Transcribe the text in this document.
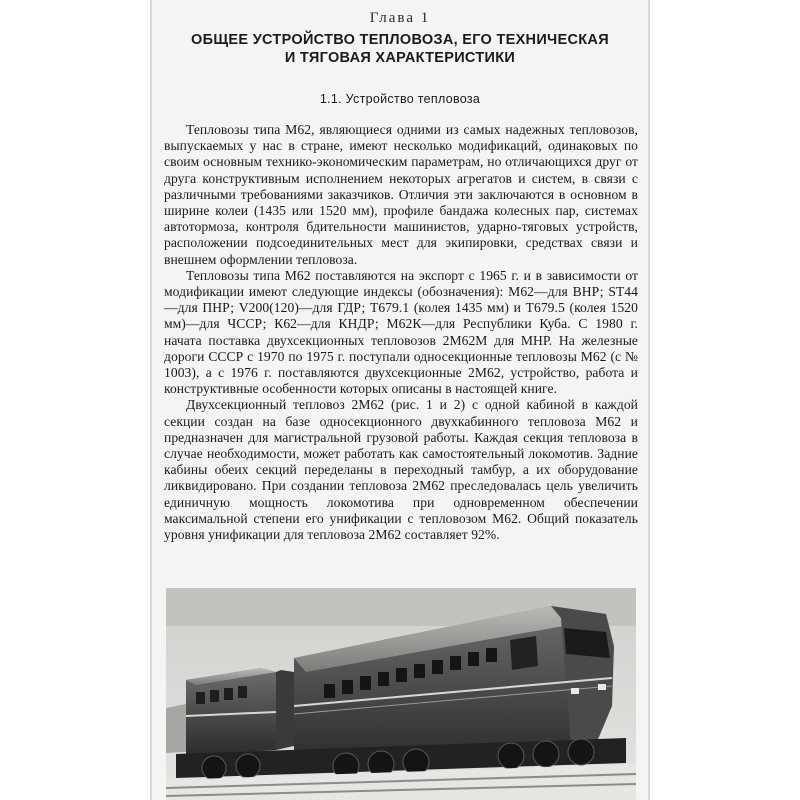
Глава 1
ОБЩЕЕ УСТРОЙСТВО ТЕПЛОВОЗА, ЕГО ТЕХНИЧЕСКАЯ
И ТЯГОВАЯ ХАРАКТЕРИСТИКИ
1.1. Устройство тепловоза

Тепловозы типа М62, являющиеся одними из самых надежных тепловозов, выпускаемых у нас в стране, имеют несколько модификаций, одинаковых по своим основным технико-экономическим параметрам, но отличающихся друг от друга конструктивным исполнением некоторых агрегатов и систем, в связи с различными требованиями заказчиков. Отличия эти заключаются в основном в ширине колеи (1435 или 1520 мм), профиле бандажа колесных пар, системах автотормоза, контроля бдительности машинистов, ударно-тяговых устройств, расположении подсоединительных мест для экипировки, средствах связи и внешнем оформлении тепловоза.

Тепловозы типа М62 поставляются на экспорт с 1965 г. и в зависимости от модификации имеют следующие индексы (обозначения): М62—для ВНР; ST44—для ПНР; V200(120)—для ГДР; Т679.1 (колея 1435 мм) и Т679.5 (колея 1520 мм)—для ЧССР; К62—для КНДР; М62К—для Республики Куба. С 1980 г. начата поставка двухсекционных тепловозов 2М62М для МНР. На железные дороги СССР с 1970 по 1975 г. поступали односекционные тепловозы М62 (с № 1003), а с 1976 г. поставляются двухсекционные 2М62, устройство, работа и конструктивные особенности которых описаны в настоящей книге.

Двухсекционный тепловоз 2М62 (рис. 1 и 2) с одной кабиной в каждой секции создан на базе односекционного двухкабинного тепловоза М62 и предназначен для магистральной грузовой работы. Каждая секция тепловоза в случае необходимости, может работать как самостоятельный локомотив. Задние кабины обеих секций переделаны в переходный тамбур, а их оборудование ликвидировано. При создании тепловоза 2М62 преследовалась цель увеличить единичную мощность локомотива при одновременном обеспечении максимальной степени его унификации с тепловозом М62. Общий показатель уровня унификации для тепловоза 2М62 составляет 92%.
